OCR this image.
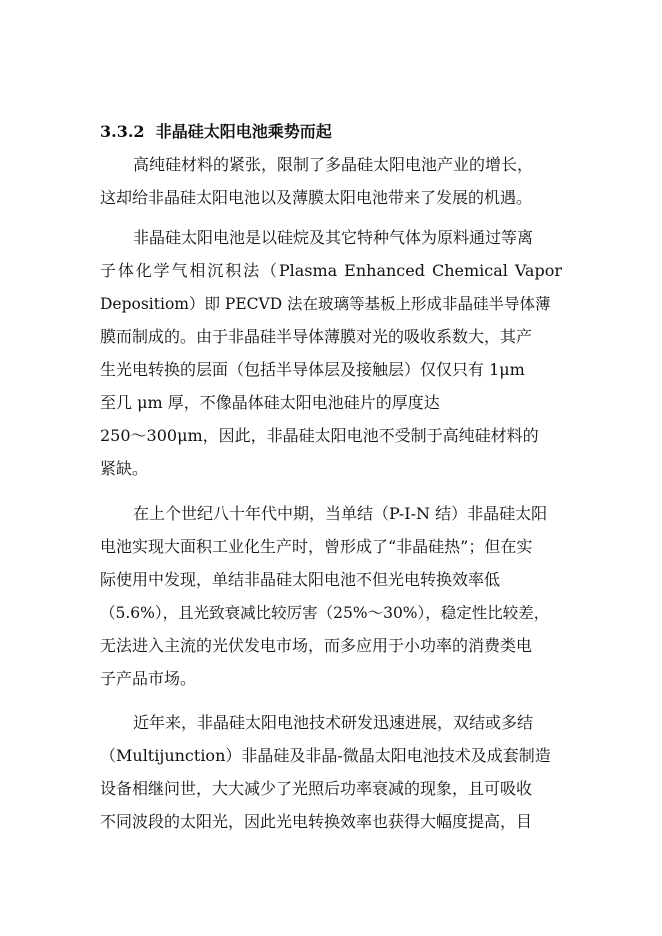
3.3.2 非晶硅太阳电池乘势而起
高纯硅材料的紧张，限制了多晶硅太阳电池产业的增长，
这却给非晶硅太阳电池以及薄膜太阳电池带来了发展的机遇。
非晶硅太阳电池是以硅烷及其它特种气体为原料通过等离
子体化学气相沉积法（Plasma Enhanced Chemical Vapor
Depositiom）即 PECVD 法在玻璃等基板上形成非晶硅半导体薄
膜而制成的。由于非晶硅半导体薄膜对光的吸收系数大，其产
生光电转换的层面（包括半导体层及接触层）仅仅只有 1μm
至几 μm 厚，不像晶体硅太阳电池硅片的厚度达
250～300μm，因此，非晶硅太阳电池不受制于高纯硅材料的
紧缺。
在上个世纪八十年代中期，当单结（P-I-N 结）非晶硅太阳
电池实现大面积工业化生产时，曾形成了“非晶硅热”；但在实
际使用中发现，单结非晶硅太阳电池不但光电转换效率低
（5.6%），且光致衰减比较厉害（25%～30%），稳定性比较差，
无法进入主流的光伏发电市场，而多应用于小功率的消费类电
子产品市场。
近年来，非晶硅太阳电池技术研发迅速进展，双结或多结
（Multijunction）非晶硅及非晶-微晶太阳电池技术及成套制造
设备相继问世，大大减少了光照后功率衰减的现象，且可吸收
不同波段的太阳光，因此光电转换效率也获得大幅度提高，目
